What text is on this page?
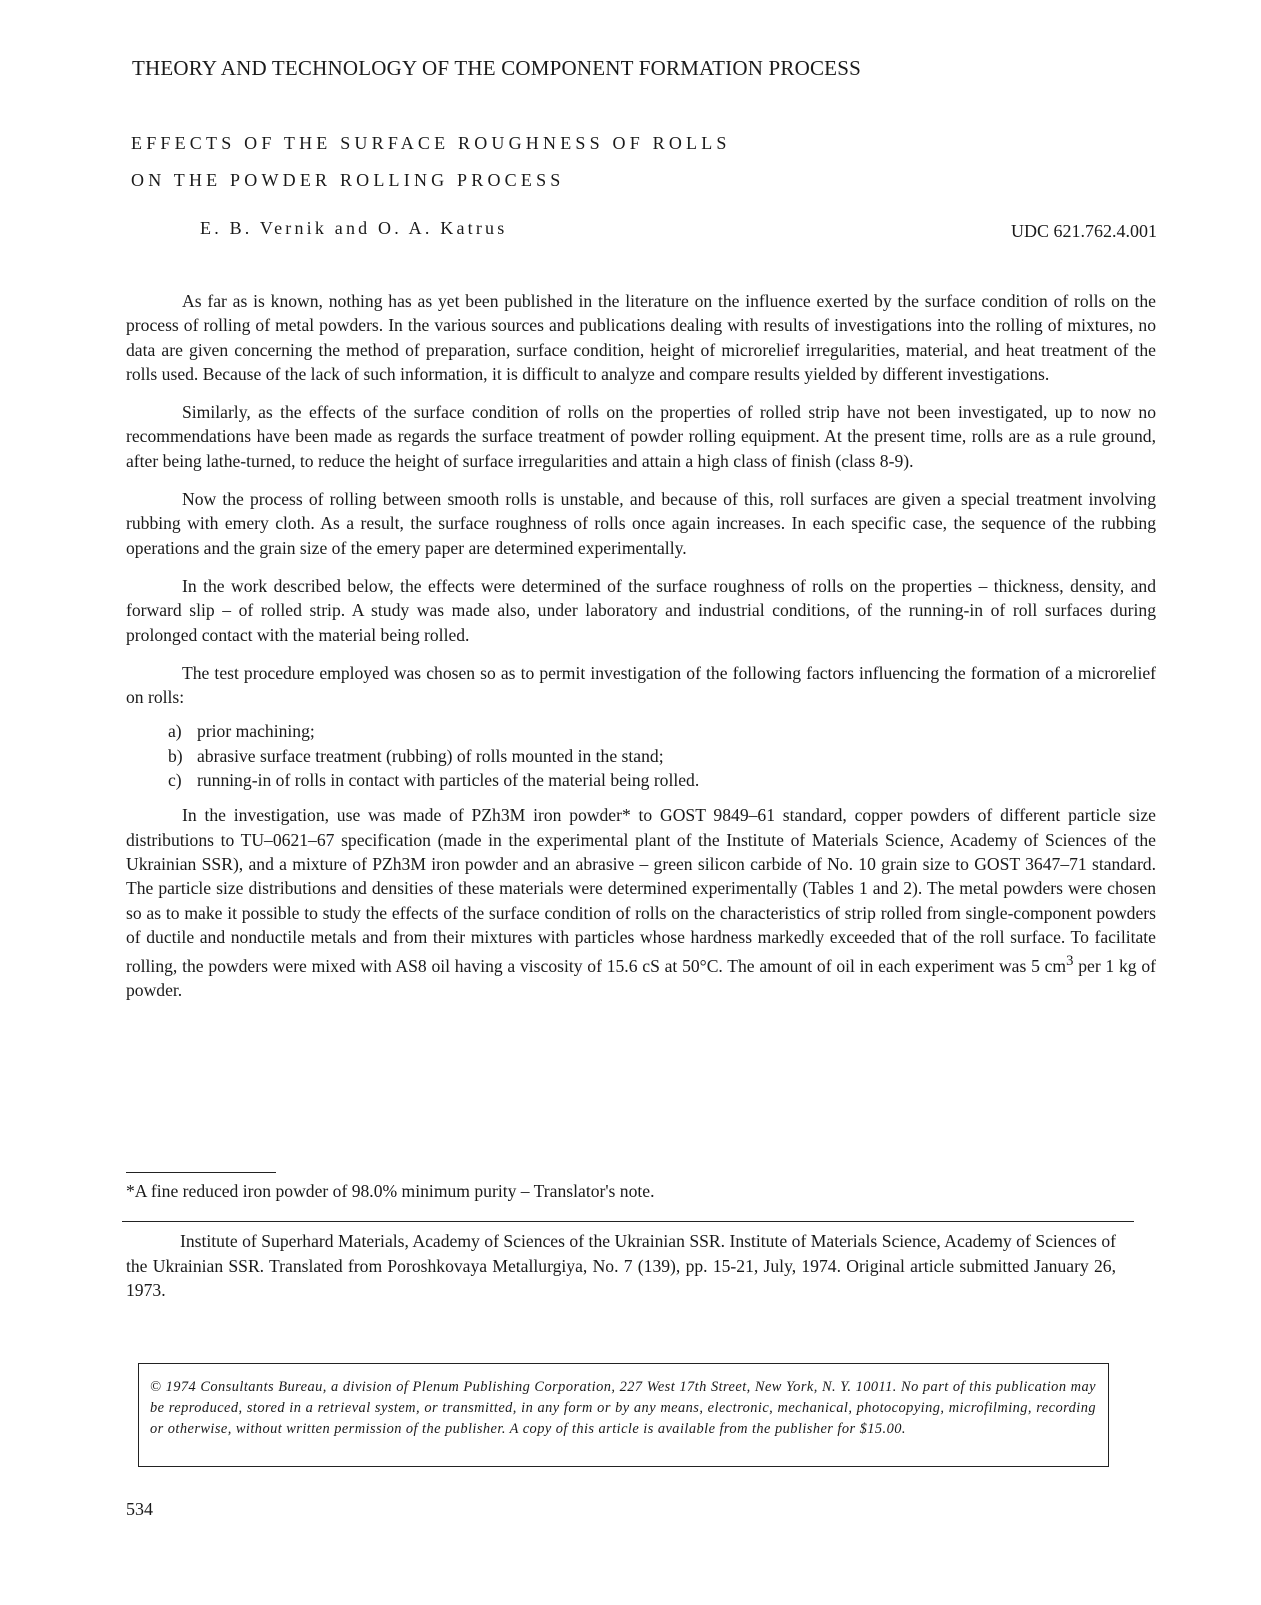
THEORY AND TECHNOLOGY OF THE COMPONENT FORMATION PROCESS
EFFECTS OF THE SURFACE ROUGHNESS OF ROLLS
ON THE POWDER ROLLING PROCESS
E. B. Vernik and O. A. Katrus	UDC 621.762.4.001

As far as is known, nothing has as yet been published in the literature on the influence exerted by the surface condition of rolls on the process of rolling of metal powders. In the various sources and publications dealing with results of investigations into the rolling of mixtures, no data are given concerning the method of preparation, surface condition, height of microrelief irregularities, material, and heat treatment of the rolls used. Because of the lack of such information, it is difficult to analyze and compare results yielded by different investigations.

Similarly, as the effects of the surface condition of rolls on the properties of rolled strip have not been investigated, up to now no recommendations have been made as regards the surface treatment of powder rolling equipment. At the present time, rolls are as a rule ground, after being lathe-turned, to reduce the height of surface irregularities and attain a high class of finish (class 8-9).

Now the process of rolling between smooth rolls is unstable, and because of this, roll surfaces are given a special treatment involving rubbing with emery cloth. As a result, the surface roughness of rolls once again increases. In each specific case, the sequence of the rubbing operations and the grain size of the emery paper are determined experimentally.

In the work described below, the effects were determined of the surface roughness of rolls on the properties – thickness, density, and forward slip – of rolled strip. A study was made also, under laboratory and industrial conditions, of the running-in of roll surfaces during prolonged contact with the material being rolled.

The test procedure employed was chosen so as to permit investigation of the following factors influencing the formation of a microrelief on rolls:

a) prior machining;
b) abrasive surface treatment (rubbing) of rolls mounted in the stand;
c) running-in of rolls in contact with particles of the material being rolled.

In the investigation, use was made of PZh3M iron powder* to GOST 9849–61 standard, copper powders of different particle size distributions to TU–0621–67 specification (made in the experimental plant of the Institute of Materials Science, Academy of Sciences of the Ukrainian SSR), and a mixture of PZh3M iron powder and an abrasive – green silicon carbide of No. 10 grain size to GOST 3647–71 standard. The particle size distributions and densities of these materials were determined experimentally (Tables 1 and 2). The metal powders were chosen so as to make it possible to study the effects of the surface condition of rolls on the characteristics of strip rolled from single-component powders of ductile and nonductile metals and from their mixtures with particles whose hardness markedly exceeded that of the roll surface. To facilitate rolling, the powders were mixed with AS8 oil having a viscosity of 15.6 cS at 50°C. The amount of oil in each experiment was 5 $cm^3$ per 1 kg of powder.

*A fine reduced iron powder of 98.0% minimum purity – Translator's note.
Institute of Superhard Materials, Academy of Sciences of the Ukrainian SSR. Institute of Materials Science, Academy of Sciences of the Ukrainian SSR. Translated from Poroshkovaya Metallurgiya, No. 7 (139), pp. 15-21, July, 1974. Original article submitted January 26, 1973.
© 1974 Consultants Bureau, a division of Plenum Publishing Corporation, 227 West 17th Street, New York, N. Y. 10011. No part of this publication may be reproduced, stored in a retrieval system, or transmitted, in any form or by any means, electronic, mechanical, photocopying, microfilming, recording or otherwise, without written permission of the publisher. A copy of this article is available from the publisher for $15.00.
534
